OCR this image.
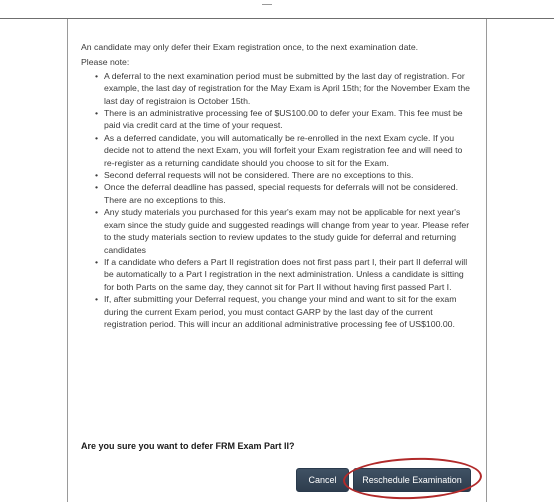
An candidate may only defer their Exam registration once, to the next examination date.

Please note:

• A deferral to the next examination period must be submitted by the last day of registration. For example, the last day of registration for the May Exam is April 15th; for the November Exam the last day of registraion is October 15th.
• There is an administrative processing fee of $US100.00 to defer your Exam. This fee must be paid via credit card at the time of your request.
• As a deferred candidate, you will automatically be re-enrolled in the next Exam cycle. If you decide not to attend the next Exam, you will forfeit your Exam registration fee and will need to re-register as a returning candidate should you choose to sit for the Exam.
• Second deferral requests will not be considered. There are no exceptions to this.
• Once the deferral deadline has passed, special requests for deferrals will not be considered. There are no exceptions to this.
• Any study materials you purchased for this year's exam may not be applicable for next year's exam since the study guide and suggested readings will change from year to year. Please refer to the study materials section to review updates to the study guide for deferral and returning candidates
• If a candidate who defers a Part II registration does not first pass part I, their part II deferral will be automatically to a Part I registration in the next administration. Unless a candidate is sitting for both Parts on the same day, they cannot sit for Part II without having first passed Part I.
• If, after submitting your Deferral request, you change your mind and want to sit for the exam during the current Exam period, you must contact GARP by the last day of the current registration period. This will incur an additional administrative processing fee of US$100.00.
Are you sure you want to defer FRM Exam Part II?
Cancel	Reschedule Examination
